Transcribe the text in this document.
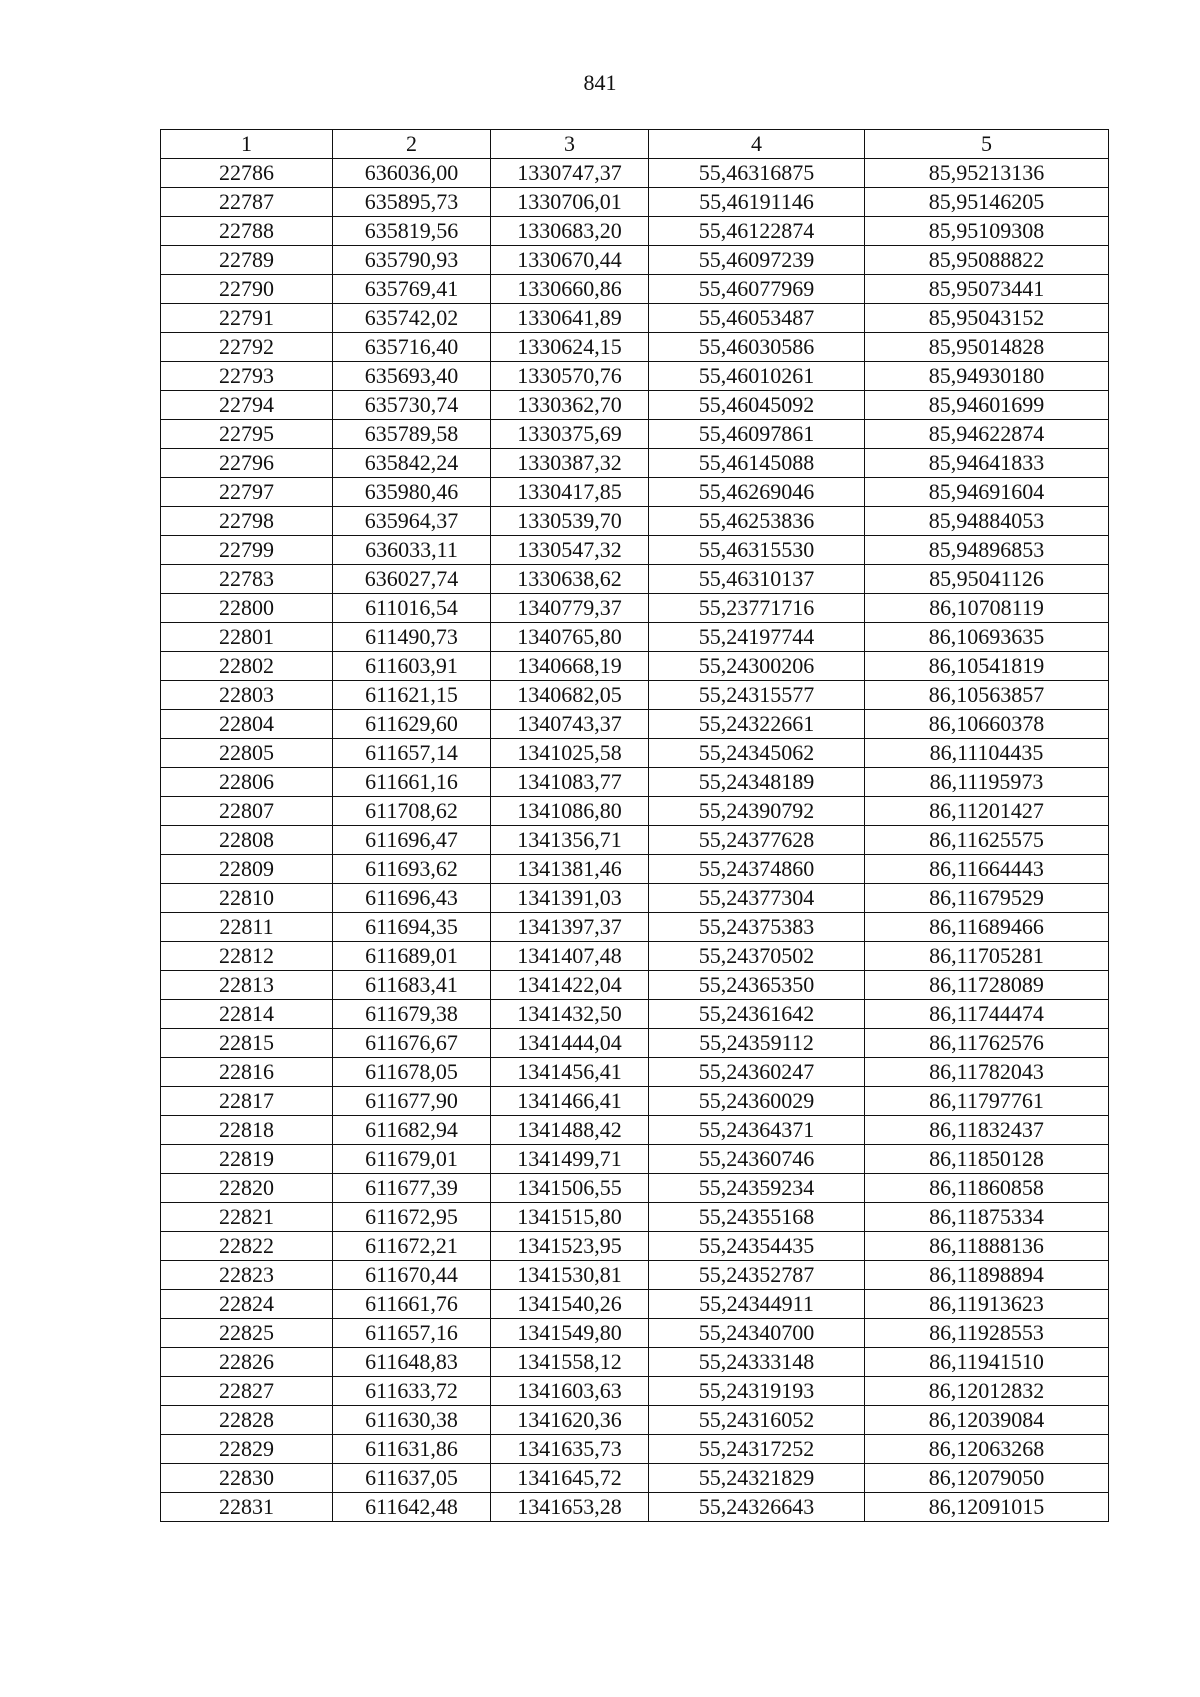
841
1	2	3	4	5
22786	636036,00	1330747,37	55,46316875	85,95213136
22787	635895,73	1330706,01	55,46191146	85,95146205
22788	635819,56	1330683,20	55,46122874	85,95109308
22789	635790,93	1330670,44	55,46097239	85,95088822
22790	635769,41	1330660,86	55,46077969	85,95073441
22791	635742,02	1330641,89	55,46053487	85,95043152
22792	635716,40	1330624,15	55,46030586	85,95014828
22793	635693,40	1330570,76	55,46010261	85,94930180
22794	635730,74	1330362,70	55,46045092	85,94601699
22795	635789,58	1330375,69	55,46097861	85,94622874
22796	635842,24	1330387,32	55,46145088	85,94641833
22797	635980,46	1330417,85	55,46269046	85,94691604
22798	635964,37	1330539,70	55,46253836	85,94884053
22799	636033,11	1330547,32	55,46315530	85,94896853
22783	636027,74	1330638,62	55,46310137	85,95041126
22800	611016,54	1340779,37	55,23771716	86,10708119
22801	611490,73	1340765,80	55,24197744	86,10693635
22802	611603,91	1340668,19	55,24300206	86,10541819
22803	611621,15	1340682,05	55,24315577	86,10563857
22804	611629,60	1340743,37	55,24322661	86,10660378
22805	611657,14	1341025,58	55,24345062	86,11104435
22806	611661,16	1341083,77	55,24348189	86,11195973
22807	611708,62	1341086,80	55,24390792	86,11201427
22808	611696,47	1341356,71	55,24377628	86,11625575
22809	611693,62	1341381,46	55,24374860	86,11664443
22810	611696,43	1341391,03	55,24377304	86,11679529
22811	611694,35	1341397,37	55,24375383	86,11689466
22812	611689,01	1341407,48	55,24370502	86,11705281
22813	611683,41	1341422,04	55,24365350	86,11728089
22814	611679,38	1341432,50	55,24361642	86,11744474
22815	611676,67	1341444,04	55,24359112	86,11762576
22816	611678,05	1341456,41	55,24360247	86,11782043
22817	611677,90	1341466,41	55,24360029	86,11797761
22818	611682,94	1341488,42	55,24364371	86,11832437
22819	611679,01	1341499,71	55,24360746	86,11850128
22820	611677,39	1341506,55	55,24359234	86,11860858
22821	611672,95	1341515,80	55,24355168	86,11875334
22822	611672,21	1341523,95	55,24354435	86,11888136
22823	611670,44	1341530,81	55,24352787	86,11898894
22824	611661,76	1341540,26	55,24344911	86,11913623
22825	611657,16	1341549,80	55,24340700	86,11928553
22826	611648,83	1341558,12	55,24333148	86,11941510
22827	611633,72	1341603,63	55,24319193	86,12012832
22828	611630,38	1341620,36	55,24316052	86,12039084
22829	611631,86	1341635,73	55,24317252	86,12063268
22830	611637,05	1341645,72	55,24321829	86,12079050
22831	611642,48	1341653,28	55,24326643	86,12091015
